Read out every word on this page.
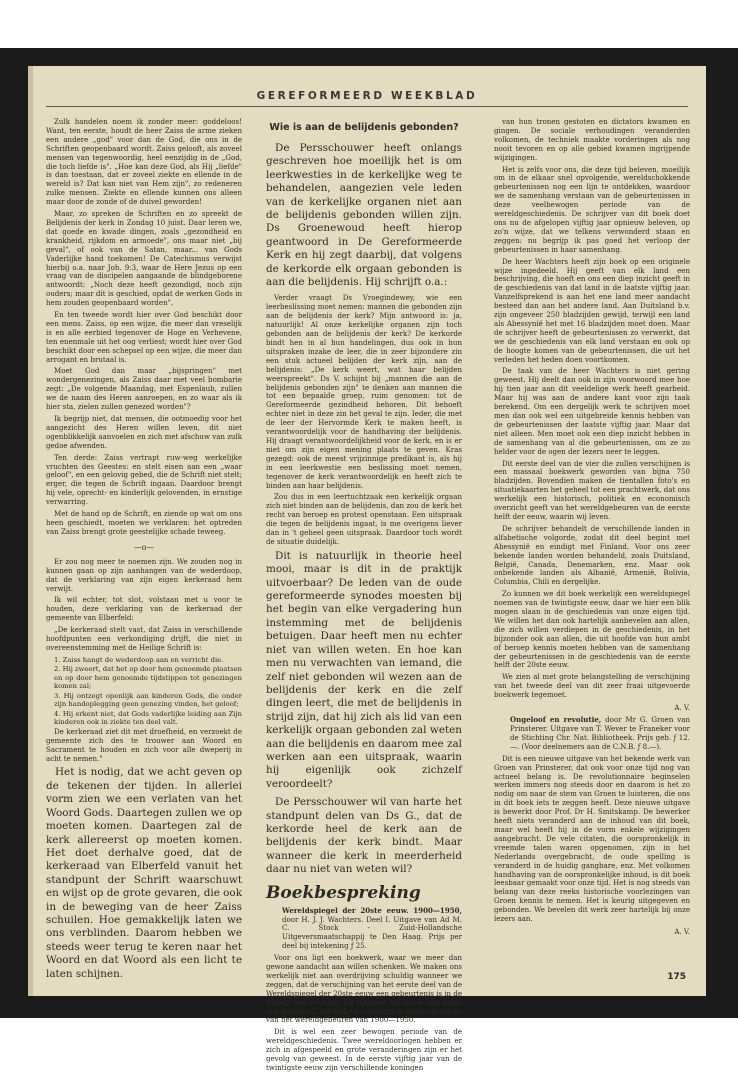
GEREFORMEERD WEEKBLAD

Zulk handelen noem ik zonder meer: goddeloos! Want, ten eerste, houdt de heer Zaiss de arme zieken een andere „god" voor dan de God, die ons in de Schriften geopenbaard wordt. Zaiss gelooft, als zoveel mensen van tegenwoordig, heel eenzijdig in de „God, die toch liefde is". „Hoe kan deze God, als Hij „liefde" is dan toestaan, dat er zoveel ziekte en ellende in de wereld is? Dat kan niet van Hem zijn", zo redeneren zulke mensen. Ziekte en ellende kunnen ons alleen maar door de zonde of de duivel geworden!

Maar, zo spreken de Schriften en zo spreekt de Belijdenis der kerk in Zondag 10 juist. Daar leren we, dat goede en kwade dingen, zoals „gezondheid en krankheid, rijkdom en armoede", ons maar niet „bij geval", of ook van de Satan, maar... van Gods Vaderlijke hand toekomen! De Catechismus verwijst hierbij o.a. naar Joh. 9:3, waar de Here Jezus op een vraag van de discipelen aangaande de blindgeborene antwoordt: „Noch deze heeft gezondigd, noch zijn ouders; maar dit is geschied, opdat de werken Gods in hem zouden geopenbaard worden".

En ten tweede wordt hier over God beschikt door een mens. Zaiss, op een wijze, die meer dan vreselijk is en alle eerbied tegenover de Hoge en Verhevene, ten enenmale uit het oog verliest; wordt hier over God beschikt door een schepsel op een wijze, die meer dan arrogant en brutaal is.

Moet God dan maar „bijspringen" met wondergenezingen, als Zaiss daar met veel bombarie zegt: „De volgende Maandag, met Espenlaub, zullen we de naam des Heren aanroepen, en zo waar als ik hier sta, zielen zullen genezed worden"?

Ik begrijp niet, dat mensen, die ootmoedig voor het aangezicht des Heren willen leven, dit niet ogenblikkelijk aanvoelen en zich met afschuw van zulk gedoe afwenden.

Ten derde: Zaiss vertrapt ruw-weg werkelijke vruchten des Geestes: en stelt eisen aan een „waar geloof", en een gelovig gebed, die de Schrift niet stelt; erger, die tegen de Schrift ingaan. Daardoor brengt hij vele, oprecht- en kinderlijk gelovenden, in ernstige verwarring.

Met de hand op de Schrift, en ziende op wat om ons heen geschiedt, moeten we verklaren: het optreden van Zaiss brengt grote geestelijke schade teweeg.

—o—

Er zou nog meer te noemen zijn. We zouden nog in kunnen gaan op zijn aanhangen van de wederdoop, dat de verklaring van zijn eigen kerkeraad hem verwijt.

Ik wil echter, tot slot, volstaan met u voor te houden, deze verklaring van de kerkeraad der gemeente van Elberfeld:

„De kerkeraad stelt vast, dat Zaiss in verschillende hoofdpunten een verkondiging drijft, die niet in overeenstemming met de Heilige Schrift is:

1. Zaiss hangt de wederdoop aan en verricht die.

2. Hij zweert, dat het op door hem genoemde plaatsen en op door hem genoemde tijdstippen tot genezingen komen zal;

3. Hij ontzegt openlijk aan kinderen Gods, die onder zijn handoplegging geen genezing vinden, het geloof;

4. Hij erkent niet, dat Gods vaderlijke leiding aan Zijn kinderen ook in ziekte ten deel valt.

De kerkeraad ziet dit met droefheid, en verzoekt de gemeente zich des te trouwer aan Woord en Sacrament te houden en zich voor alle dweperij in acht te nemen."

Het is nodig, dat we acht geven op de tekenen der tijden. In allerlei vorm zien we een verlaten van het Woord Gods. Daartegen zullen we op moeten komen. Daartegen zal de kerk allereerst op moeten komen. Het doet derhalve goed, dat de kerkeraad van Elberfeld vanuit het standpunt der Schrift waarschuwt en wijst op de grote gevaren, die ook in de beweging van de heer Zaiss schuilen. Hoe gemakkelijk laten we ons verblinden. Daarom hebben we steeds weer terug te keren naar het Woord en dat Woord als een licht te laten schijnen.

Wie is aan de belijdenis gebonden?

De Persschouwer heeft onlangs geschreven hoe moeilijk het is om leerkwesties in de kerkelijke weg te behandelen, aangezien vele leden van de kerkelijke organen niet aan de belijdenis gebonden willen zijn. Ds Groenewoud heeft hierop geantwoord in De Gereformeerde Kerk en hij zegt daarbij, dat volgens de kerkorde elk orgaan gebonden is aan die belijdenis. Hij schrijft o.a.:

Verder vraagt Ds Vroegindewey, wie een leerbeslissing moet nemen: mannen die gebonden zijn aan de belijdenis der kerk? Mijn antwoord is: ja, natuurlijk! Al onze kerkelijke organen zijn toch gebonden aan de belijdenis der kerk? De kerkorde bindt hen in al hun handelingen, dus ook in hun uitspraken inzake de leer, die in zeer bijzondere zin een stuk actueel belijden der kerk zijn, aan de belijdenis: „De kerk weert, wat haar belijden weerspreekt". Ds V. schijnt bij „mannen die aan de belijdenis gebonden zijn" te denken aan mannen die tot een bepaalde groep, ruim genomen: tot de Gereformeerde gezindheid behoren. Dit behoeft echter niet in deze zin het geval te zijn. Ieder, die met de leer der Hervormde Kerk te maken heeft, is verantwoordelijk voor de handhaving der belijdenis. Hij draagt verantwoordelijkheid voor de kerk, en is er niet om zijn eigen mening plaats te geven. Kras gezegd: ook de meest vrijzinnige predikant is, als hij in een leerkwestie een beslissing moet nemen, tegenover de kerk verantwoordelijk en heeft zich te binden aan haar belijdenis.

Zou dus in een leertuchtzaak een kerkelijk orgaan zich niet binden aan de belijdenis, dan zou de kerk het recht van beroep en protest openstaan. Een uitspraak die tegen de belijdenis ingaat, is me overigens liever dan in 't geheel geen uitspraak. Daardoor toch wordt de situatie duidelijk.

Dit is natuurlijk in theorie heel mooi, maar is dit in de praktijk uitvoerbaar? De leden van de oude gereformeerde synodes moesten bij het begin van elke vergadering hun instemming met de belijdenis betuigen. Daar heeft men nu echter niet van willen weten. En hoe kan men nu verwachten van iemand, die zelf niet gebonden wil wezen aan de belijdenis der kerk en die zelf dingen leert, die met de belijdenis in strijd zijn, dat hij zich als lid van een kerkelijk orgaan gebonden zal weten aan die belijdenis en daarom mee zal werken aan een uitspraak, waarin hij eigenlijk ook zichzelf veroordeelt?

De Persschouwer wil van harte het standpunt delen van Ds G., dat de kerkorde heel de kerk aan de belijdenis der kerk bindt. Maar wanneer die kerk in meerderheid daar nu niet van weten wil?

Boekbespreking

Wereldspiegel der 20ste eeuw. 1900—1950, door H. J. J. Wachters. Deel I. Uitgave van Ad M. C. Stock - Zuid-Hollandsche Uitgeversmaatschappij te Den Haag. Prijs per deel bij intekening ƒ 25.

Voor ons ligt een boekwerk, waar we meer dan gewone aandacht aan willen schenken. We maken ons werkelijk niet aan overdrijving schuldig wanneer we zeggen, dat de verschijning van het eerste deel van de Wereldspiegel der 20ste eeuw een gebeurtenis is in de wereld van het boek. De schrijver wil ons in vier delen een historisch, politiek en economisch overzicht geven van het wereldgebeuren van 1900—1950.

Dit is wel een zeer bewogen periode van de wereldgeschiedenis. Twee wereldoorlogen hebben er zich in afgespeeld en grote veranderingen zijn er het gevolg van geweest. In de eerste vijftig jaar van de twintigste eeuw zijn verschillende koningen

van hun tronen gestoten en dictators kwamen en gingen. De sociale verhoudingen veranderden volkomen, de techniek maakte vorderingen als nog nooit tevoren en op alle gebied kwamen ingrijpende wijzigingen.

Het is zelfs voor ons, die deze tijd beleven, moeilijk om in de elkaar snel opvolgende, wereldschokkende gebeurtenissen nog een lijn te ontdekken, waardoor we de samenhang verstaan van de gebeurtenissen in deze veelbewogen periode van de wereldgeschiedenis. De schrijver van dit boek doet ons nu de afgelopen vijftig jaar opnieuw beleven, op zo'n wijze, dat we telkens verwonderd staan en zeggen: nu begrijp ik pas goed het verloop der gebeurtenissen in haar samenhang.

De heer Wachters heeft zijn boek op een originele wijze ingedeeld. Hij geeft van elk land een beschrijving, die hoeft en ons een diep inzicht geeft in de geschiedenis van dat land in de laatste vijftig jaar. Vanzelfsprekend is aan het ene land meer aandacht besteed dan aan het andere land. Aan Duitsland b.v. zijn ongeveer 250 bladzijden gewijd, terwijl een land als Abessynië het met 16 bladzijden moet doen. Maar de schrijver heeft de gebeurtenissen zo verwerkt, dat we de geschiedenis van elk land verstaan en ook op de hoogte komen van de gebeurtenissen, die uit het verleden het heden doen voortkomen.

De taak van de heer Wachters is niet gering geweest. Hij deelt dan ook in zijn voorwoord mee hoe hij tien jaar aan dit veeldelige werk heeft gearbeid. Maar hij was aan de andere kant voor zijn taak berekend. Om een dergelijk werk te schrijven moet men dan ook wel een uitgebreide kennis hebben van de gebeurtenissen der laatste vijftig jaar. Maar dat niet alleen. Men moet ook een diep inzicht hebben in de samenhang van al die gebeurtenissen, om ze zo helder voor de ogen der lezers neer te leggen.

Dit eerste deel van de vier die zullen verschijnen is een massaal boekwerk geworden van bijna 750 bladzijden. Bovendien maken de tientallen foto's en situatiekaarten het geheel tot een prachtwerk, dat ons werkelijk een historisch, politiek en economisch overzicht geeft van het wereldgebeuren van de eerste helft der eeuw, waarin wij leven.

De schrijver behandelt de verschillende landen in alfabetische volgorde, zodat dit deel begint met Abessynië en eindigt met Finland. Voor ons zeer bekende landen worden behandeld, zoals Duitsland, België, Canada, Denemarken, enz. Maar ook onbekende landen als Albanië, Armenië, Bolivia, Columbia, Chili en dergelijke.

Zo kunnen we dit boek werkelijk een wereldspiegel noemen van de twintigste eeuw, daar we hier een blik mogen slaan in de geschiedenis van onze eigen tijd. We willen het dan ook hartelijk aanbevelen aan allen, die zich willen verdiepen in de geschiedenis, in het bijzonder ook aan allen, die uit hoofde van hun ambt of beroep kennis moeten hebben van de samenhang der gebeurtenissen in de geschiedenis van de eerste helft der 20ste eeuw.

We zien al met grote belangstelling de verschijning van het tweede deel van dit zeer fraai uitgevoerde boekwerk tegemoet.

A. V.

Ongeloof en revolutie, door Mr G. Groen van Prinsterer. Uitgave van T. Wever te Franeker voor de Stichting Chr. Nat. Bibliotheek. Prijs geb. ƒ 12.—. (Voor deelnemers aan de C.N.B. ƒ 8.—).

Dit is een nieuwe uitgave van het bekende werk van Groen van Prinsterer, dat ook voor onze tijd nog van actueel belang is. De revolutionnaire beginselen werken immers nog steeds door en daarom is het zo nodig om naar de stem van Groen te luisteren, die ons in dit boek iets te zeggen heeft. Deze nieuwe uitgave is bewerkt door Prof. Dr H. Smitskamp. De bewerker heeft niets veranderd aan de inhoud van dit boek, maar wel heeft hij in de vorm enkele wijzigingen aangebracht. De vele citaten, die oorspronkelijk in vreemde talen waren opgenomen, zijn in het Nederlands overgebracht, de oude spelling is veranderd in de huidig gangbare, enz. Met volkomen handhaving van de oorspronkelijke inhoud, is dit boek leesbaar gemaakt voor onze tijd. Het is nog steeds van belang van deze reeks historische voorlezingen van Groen kennis te nemen. Het is keurig uitgegeven en gebonden. We bevelen dit werk zeer hartelijk bij onze lezers aan.

A. V.
175
